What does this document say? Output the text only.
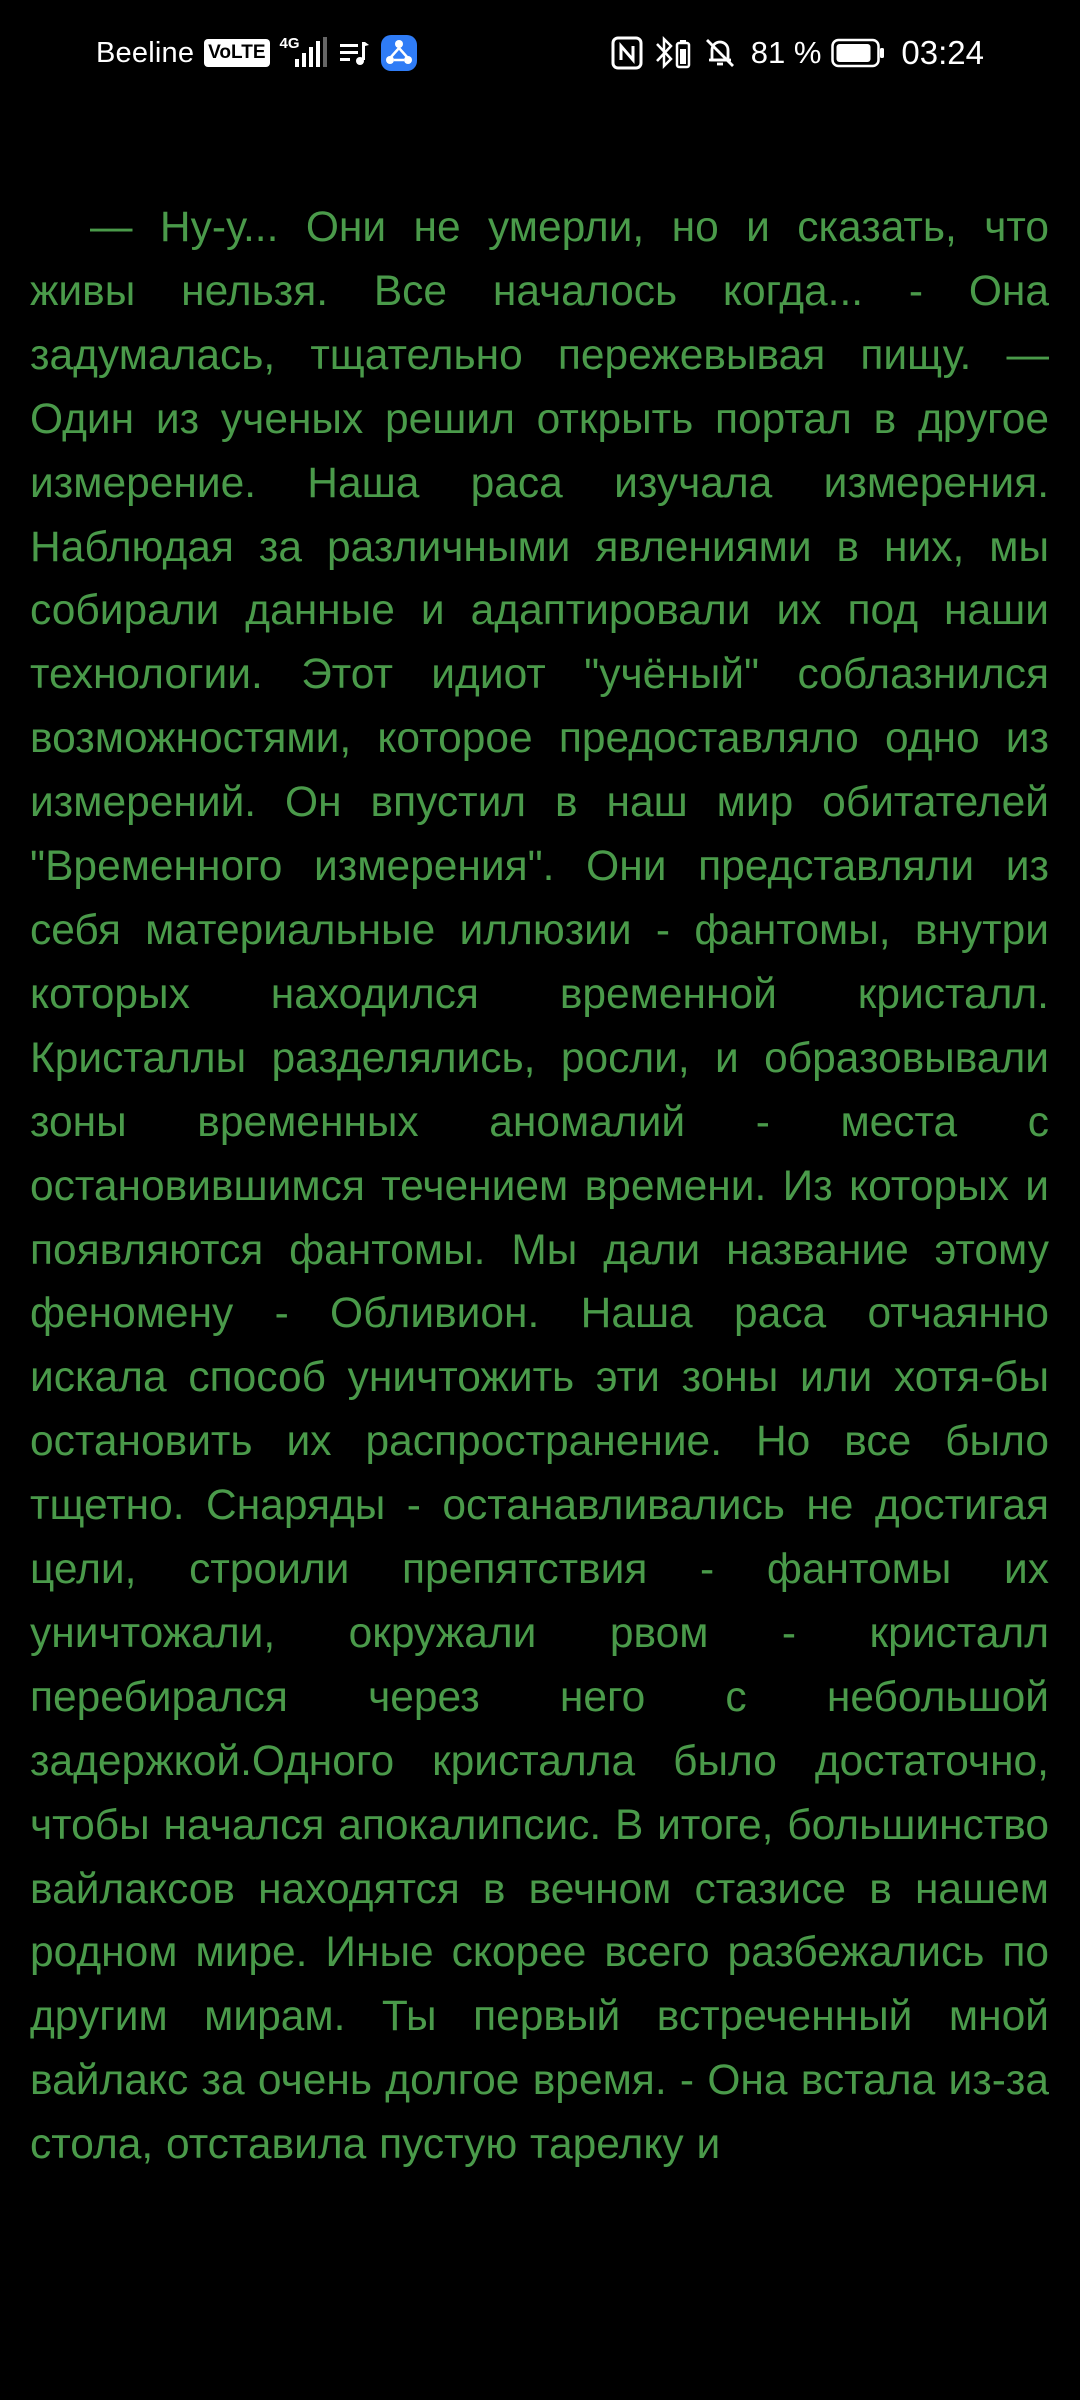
Beeline VoLTE 4G	81 % 03:24

— Ну-у... Они не умерли, но и сказать, что живы нельзя. Все началось когда... - Она задумалась, тщательно пережевывая пищу. — Один из ученых решил открыть портал в другое измерение. Наша раса изучала измерения. Наблюдая за различными явлениями в них, мы собирали данные и адаптировали их под наши технологии. Этот идиот "учёный" соблазнился возможностями, которое предоставляло одно из измерений. Он впустил в наш мир обитателей "Временного измерения". Они представляли из себя материальные иллюзии - фантомы, внутри которых находился временной кристалл. Кристаллы разделялись, росли, и образовывали зоны временных аномалий - места с остановившимся течением времени. Из которых и появляются фантомы. Мы дали название этому феномену - Обливион. Наша раса отчаянно искала способ уничтожить эти зоны или хотя-бы остановить их распространение. Но все было тщетно. Снаряды - останавливались не достигая цели, строили препятствия - фантомы их уничтожали, окружали рвом - кристалл перебирался через него с небольшой задержкой.Одного кристалла было достаточно, чтобы начался апокалипсис. В итоге, большинство вайлаксов находятся в вечном стазисе в нашем родном мире. Иные скорее всего разбежались по другим мирам. Ты первый встреченный мной вайлакс за очень долгое время. - Она встала из-за стола, отставила пустую тарелку и
